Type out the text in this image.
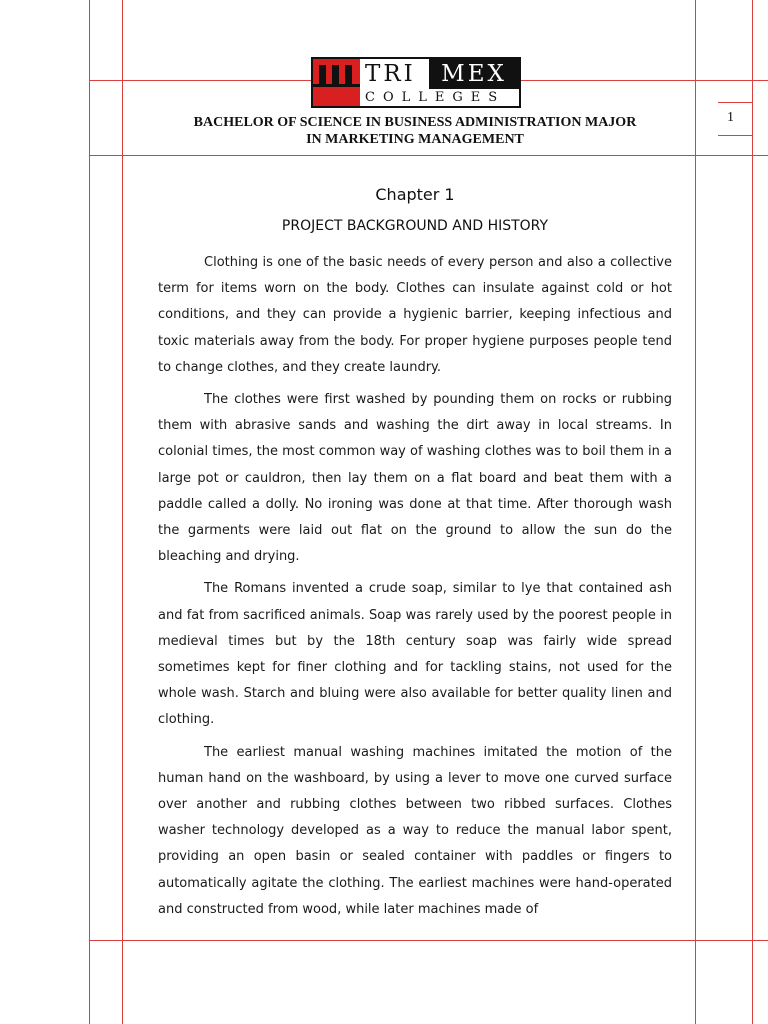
TRI	MEX
COLLEGES
1
BACHELOR OF SCIENCE IN BUSINESS ADMINISTRATION MAJOR
IN MARKETING MANAGEMENT
Chapter 1
PROJECT BACKGROUND AND HISTORY

Clothing is one of the basic needs of every person and also a collective term for items worn on the body. Clothes can insulate against cold or hot conditions, and they can provide a hygienic barrier, keeping infectious and toxic materials away from the body. For proper hygiene purposes people tend to change clothes, and they create laundry.

The clothes were first washed by pounding them on rocks or rubbing them with abrasive sands and washing the dirt away in local streams. In colonial times, the most common way of washing clothes was to boil them in a large pot or cauldron, then lay them on a flat board and beat them with a paddle called a dolly. No ironing was done at that time. After thorough wash the garments were laid out flat on the ground to allow the sun do the bleaching and drying.

The Romans invented a crude soap, similar to lye that contained ash and fat from sacrificed animals. Soap was rarely used by the poorest people in medieval times but by the 18th century soap was fairly wide spread sometimes kept for finer clothing and for tackling stains, not used for the whole wash. Starch and bluing were also available for better quality linen and clothing.

The earliest manual washing machines imitated the motion of the human hand on the washboard, by using a lever to move one curved surface over another and rubbing clothes between two ribbed surfaces. Clothes washer technology developed as a way to reduce the manual labor spent, providing an open basin or sealed container with paddles or fingers to automatically agitate the clothing. The earliest machines were hand-operated and constructed from wood, while later machines made of
